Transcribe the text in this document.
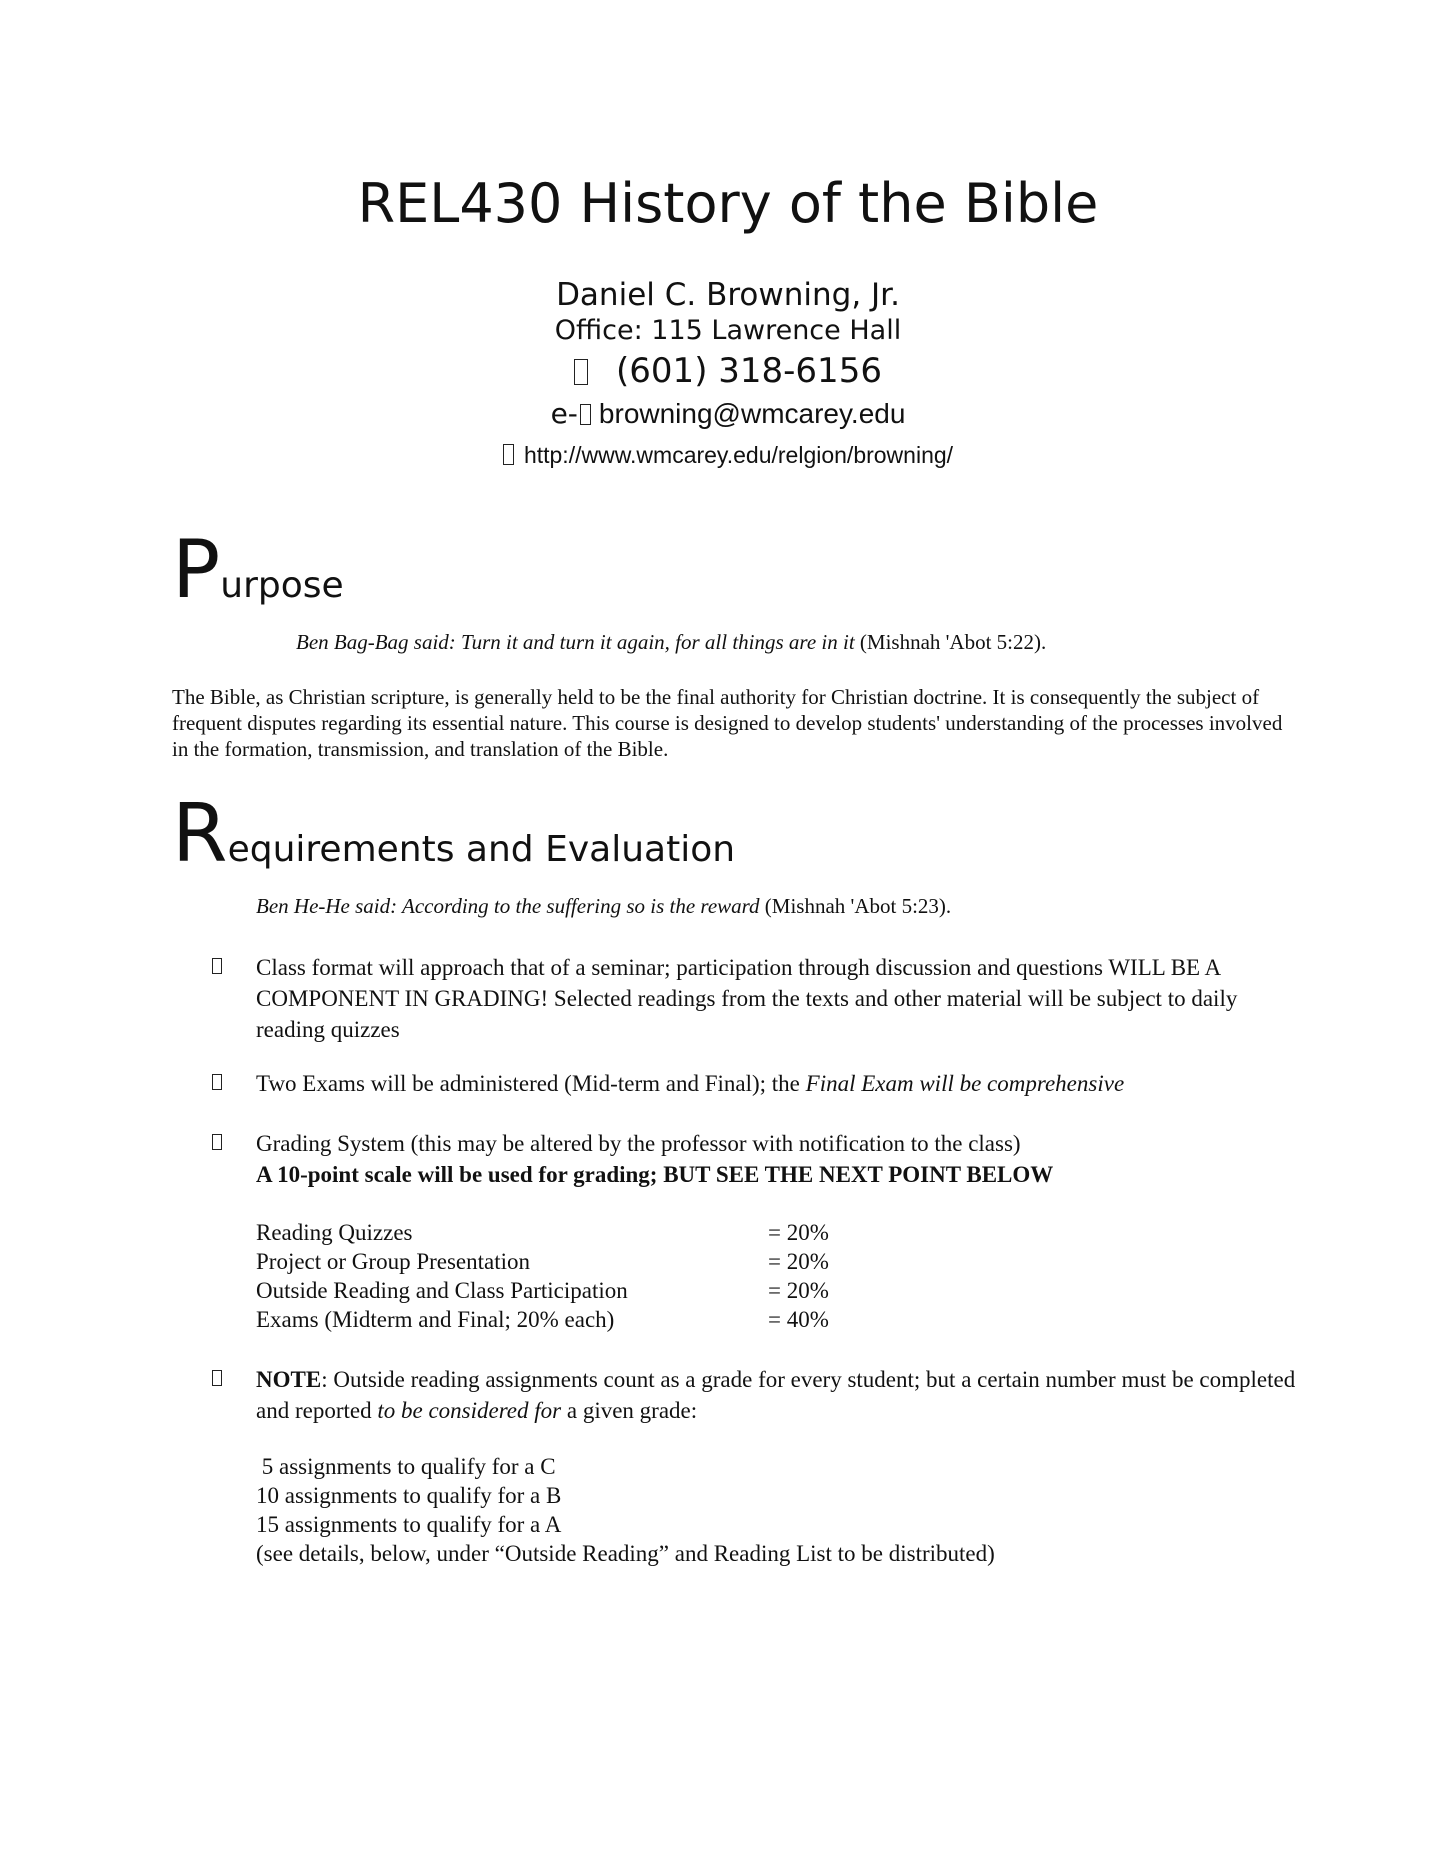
REL430 History of the Bible
Daniel C. Browning, Jr.
Office: 115 Lawrence Hall
(601) 318-6156
e- browning@wmcarey.edu
http://www.wmcarey.edu/relgion/browning/
Purpose
Ben Bag-Bag said: Turn it and turn it again, for all things are in it (Mishnah 'Abot 5:22).
The Bible, as Christian scripture, is generally held to be the final authority for Christian doctrine. It is consequently the subject of frequent disputes regarding its essential nature. This course is designed to develop students' understanding of the processes involved in the formation, transmission, and translation of the Bible.
Requirements and Evaluation
Ben He-He said: According to the suffering so is the reward (Mishnah 'Abot 5:23).
Class format will approach that of a seminar; participation through discussion and questions WILL BE A COMPONENT IN GRADING! Selected readings from the texts and other material will be subject to daily reading quizzes
Two Exams will be administered (Mid-term and Final); the Final Exam will be comprehensive
Grading System (this may be altered by the professor with notification to the class)
A 10-point scale will be used for grading; BUT SEE THE NEXT POINT BELOW
Reading Quizzes	= 20%
Project or Group Presentation	= 20%
Outside Reading and Class Participation	= 20%
Exams (Midterm and Final; 20% each)	= 40%
NOTE: Outside reading assignments count as a grade for every student; but a certain number must be completed and reported to be considered for a given grade:
5 assignments to qualify for a C
10 assignments to qualify for a B
15 assignments to qualify for a A
(see details, below, under “Outside Reading” and Reading List to be distributed)
